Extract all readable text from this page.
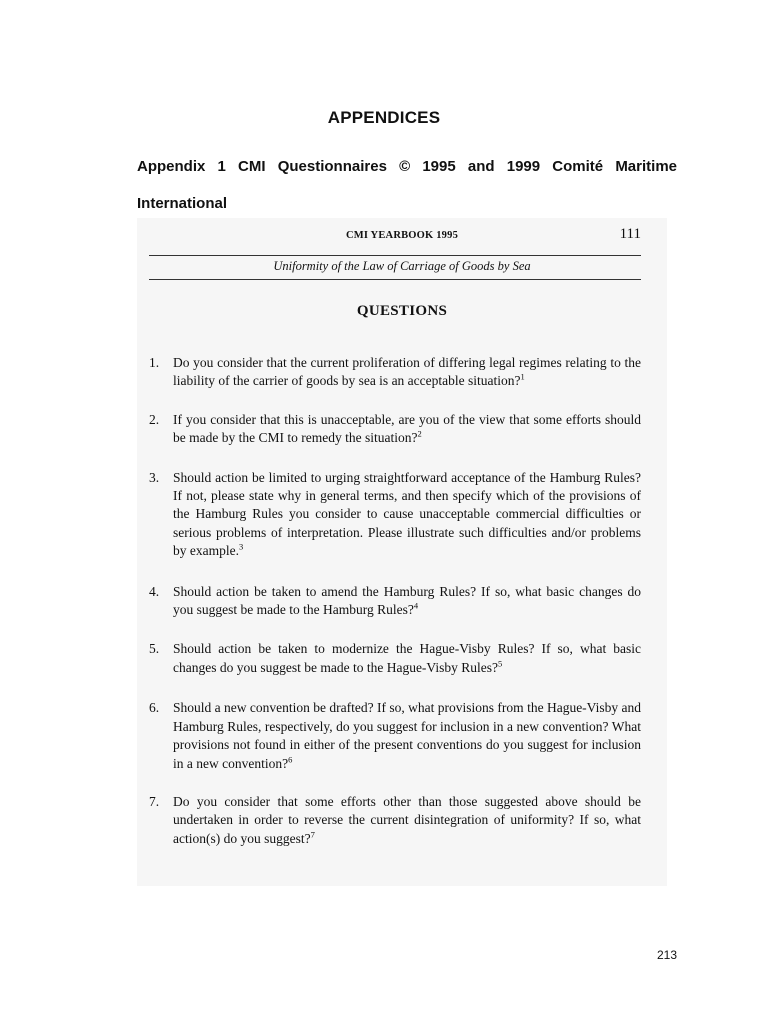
APPENDICES
Appendix 1 CMI Questionnaires © 1995 and 1999 Comité Maritime International
CMI YEARBOOK 1995	111
Uniformity of the Law of Carriage of Goods by Sea
QUESTIONS
1. Do you consider that the current proliferation of differing legal regimes relating to the liability of the carrier of goods by sea is an acceptable situation?$^1$
2. If you consider that this is unacceptable, are you of the view that some efforts should be made by the CMI to remedy the situation?$^2$
3. Should action be limited to urging straightforward acceptance of the Hamburg Rules? If not, please state why in general terms, and then specify which of the provisions of the Hamburg Rules you consider to cause unacceptable commercial difficulties or serious problems of interpretation. Please illustrate such difficulties and/or problems by example.$^3$
4. Should action be taken to amend the Hamburg Rules? If so, what basic changes do you suggest be made to the Hamburg Rules?$^4$
5. Should action be taken to modernize the Hague-Visby Rules? If so, what basic changes do you suggest be made to the Hague-Visby Rules?$^5$
6. Should a new convention be drafted? If so, what provisions from the Hague-Visby and Hamburg Rules, respectively, do you suggest for inclusion in a new convention? What provisions not found in either of the present conventions do you suggest for inclusion in a new convention?$^6$
7. Do you consider that some efforts other than those suggested above should be undertaken in order to reverse the current disintegration of uniformity? If so, what action(s) do you suggest?$^7$
213
